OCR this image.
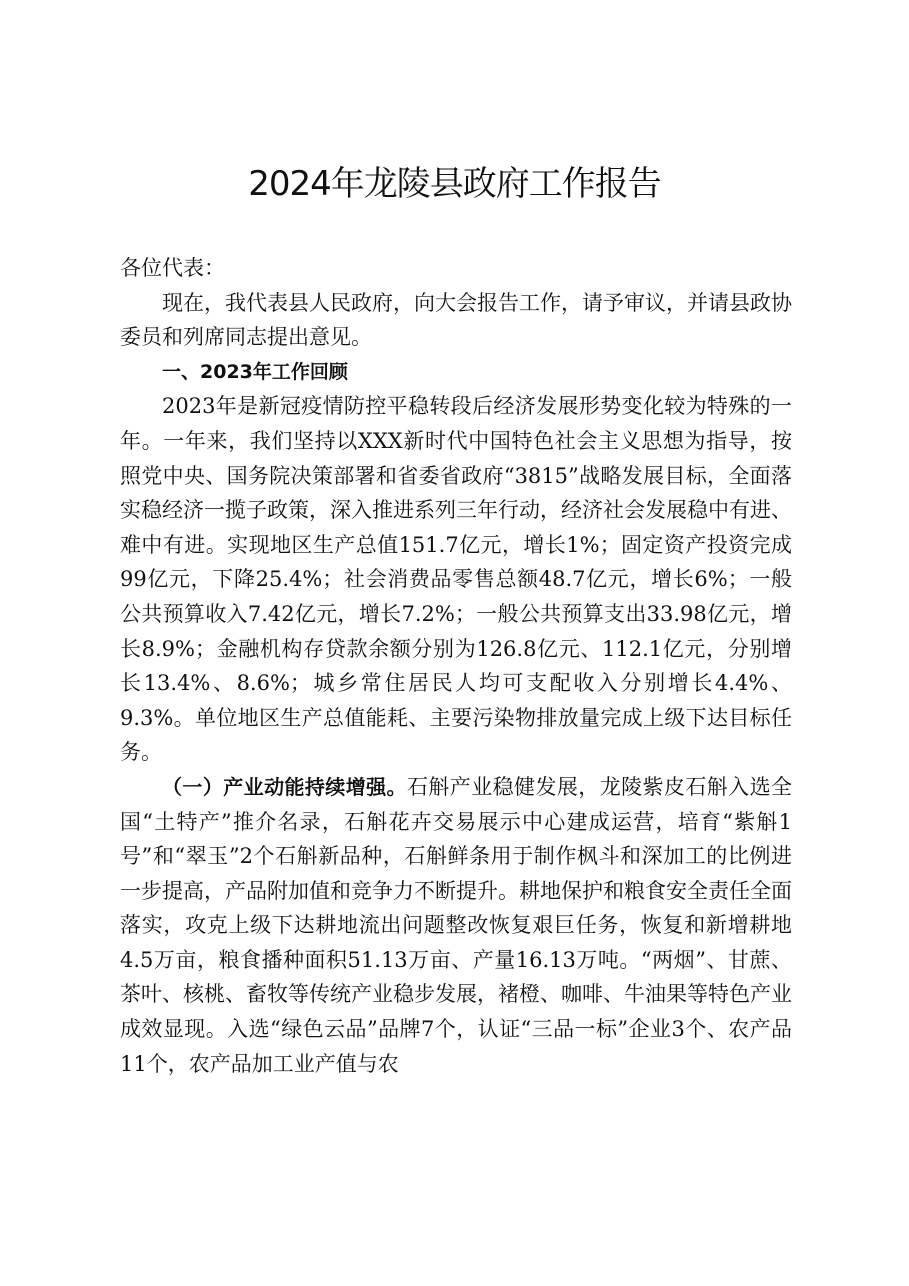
2024年龙陵县政府工作报告

各位代表：

现在，我代表县人民政府，向大会报告工作，请予审议，并请县政协委员和列席同志提出意见。

一、2023年工作回顾

2023年是新冠疫情防控平稳转段后经济发展形势变化较为特殊的一年。一年来，我们坚持以XXX新时代中国特色社会主义思想为指导，按照党中央、国务院决策部署和省委省政府“3815”战略发展目标，全面落实稳经济一揽子政策，深入推进系列三年行动，经济社会发展稳中有进、难中有进。实现地区生产总值151.7亿元，增长1%；固定资产投资完成99亿元，下降25.4%；社会消费品零售总额48.7亿元，增长6%；一般公共预算收入7.42亿元，增长7.2%；一般公共预算支出33.98亿元，增长8.9%；金融机构存贷款余额分别为126.8亿元、112.1亿元，分别增长13.4%、8.6%；城乡常住居民人均可支配收入分别增长4.4%、9.3%。单位地区生产总值能耗、主要污染物排放量完成上级下达目标任务。

（一）产业动能持续增强。石斛产业稳健发展，龙陵紫皮石斛入选全国“土特产”推介名录，石斛花卉交易展示中心建成运营，培育“紫斛1号”和“翠玉”2个石斛新品种，石斛鲜条用于制作枫斗和深加工的比例进一步提高，产品附加值和竞争力不断提升。耕地保护和粮食安全责任全面落实，攻克上级下达耕地流出问题整改恢复艰巨任务，恢复和新增耕地4.5万亩，粮食播种面积51.13万亩、产量16.13万吨。“两烟”、甘蔗、茶叶、核桃、畜牧等传统产业稳步发展，褚橙、咖啡、牛油果等特色产业成效显现。入选“绿色云品”品牌7个，认证“三品一标”企业3个、农产品11个，农产品加工业产值与农
